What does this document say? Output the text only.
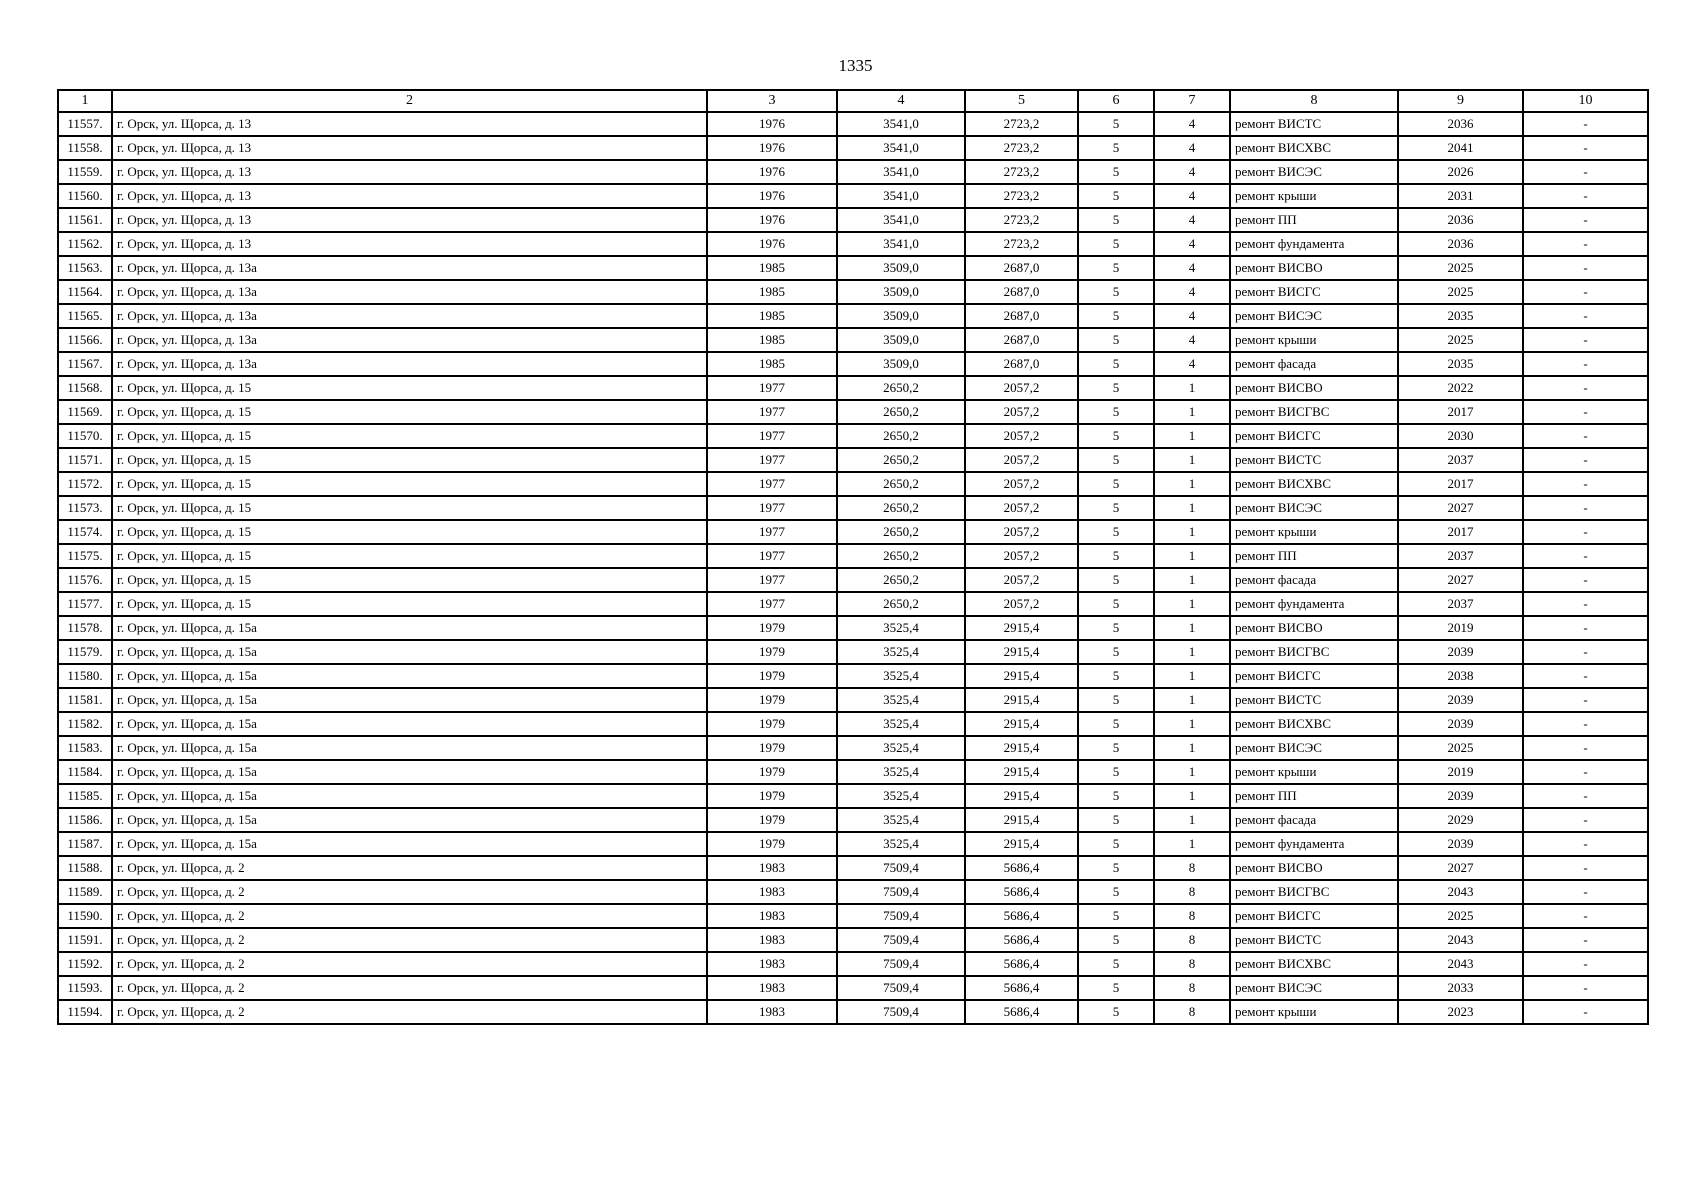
1335
1	2	3	4	5	6	7	8	9	10
11557.	г. Орск, ул. Щорса, д. 13	1976	3541,0	2723,2	5	4	ремонт ВИСТС	2036	-
11558.	г. Орск, ул. Щорса, д. 13	1976	3541,0	2723,2	5	4	ремонт ВИСХВС	2041	-
11559.	г. Орск, ул. Щорса, д. 13	1976	3541,0	2723,2	5	4	ремонт ВИСЭС	2026	-
11560.	г. Орск, ул. Щорса, д. 13	1976	3541,0	2723,2	5	4	ремонт крыши	2031	-
11561.	г. Орск, ул. Щорса, д. 13	1976	3541,0	2723,2	5	4	ремонт ПП	2036	-
11562.	г. Орск, ул. Щорса, д. 13	1976	3541,0	2723,2	5	4	ремонт фундамента	2036	-
11563.	г. Орск, ул. Щорса, д. 13а	1985	3509,0	2687,0	5	4	ремонт ВИСВО	2025	-
11564.	г. Орск, ул. Щорса, д. 13а	1985	3509,0	2687,0	5	4	ремонт ВИСГС	2025	-
11565.	г. Орск, ул. Щорса, д. 13а	1985	3509,0	2687,0	5	4	ремонт ВИСЭС	2035	-
11566.	г. Орск, ул. Щорса, д. 13а	1985	3509,0	2687,0	5	4	ремонт крыши	2025	-
11567.	г. Орск, ул. Щорса, д. 13а	1985	3509,0	2687,0	5	4	ремонт фасада	2035	-
11568.	г. Орск, ул. Щорса, д. 15	1977	2650,2	2057,2	5	1	ремонт ВИСВО	2022	-
11569.	г. Орск, ул. Щорса, д. 15	1977	2650,2	2057,2	5	1	ремонт ВИСГВС	2017	-
11570.	г. Орск, ул. Щорса, д. 15	1977	2650,2	2057,2	5	1	ремонт ВИСГС	2030	-
11571.	г. Орск, ул. Щорса, д. 15	1977	2650,2	2057,2	5	1	ремонт ВИСТС	2037	-
11572.	г. Орск, ул. Щорса, д. 15	1977	2650,2	2057,2	5	1	ремонт ВИСХВС	2017	-
11573.	г. Орск, ул. Щорса, д. 15	1977	2650,2	2057,2	5	1	ремонт ВИСЭС	2027	-
11574.	г. Орск, ул. Щорса, д. 15	1977	2650,2	2057,2	5	1	ремонт крыши	2017	-
11575.	г. Орск, ул. Щорса, д. 15	1977	2650,2	2057,2	5	1	ремонт ПП	2037	-
11576.	г. Орск, ул. Щорса, д. 15	1977	2650,2	2057,2	5	1	ремонт фасада	2027	-
11577.	г. Орск, ул. Щорса, д. 15	1977	2650,2	2057,2	5	1	ремонт фундамента	2037	-
11578.	г. Орск, ул. Щорса, д. 15а	1979	3525,4	2915,4	5	1	ремонт ВИСВО	2019	-
11579.	г. Орск, ул. Щорса, д. 15а	1979	3525,4	2915,4	5	1	ремонт ВИСГВС	2039	-
11580.	г. Орск, ул. Щорса, д. 15а	1979	3525,4	2915,4	5	1	ремонт ВИСГС	2038	-
11581.	г. Орск, ул. Щорса, д. 15а	1979	3525,4	2915,4	5	1	ремонт ВИСТС	2039	-
11582.	г. Орск, ул. Щорса, д. 15а	1979	3525,4	2915,4	5	1	ремонт ВИСХВС	2039	-
11583.	г. Орск, ул. Щорса, д. 15а	1979	3525,4	2915,4	5	1	ремонт ВИСЭС	2025	-
11584.	г. Орск, ул. Щорса, д. 15а	1979	3525,4	2915,4	5	1	ремонт крыши	2019	-
11585.	г. Орск, ул. Щорса, д. 15а	1979	3525,4	2915,4	5	1	ремонт ПП	2039	-
11586.	г. Орск, ул. Щорса, д. 15а	1979	3525,4	2915,4	5	1	ремонт фасада	2029	-
11587.	г. Орск, ул. Щорса, д. 15а	1979	3525,4	2915,4	5	1	ремонт фундамента	2039	-
11588.	г. Орск, ул. Щорса, д. 2	1983	7509,4	5686,4	5	8	ремонт ВИСВО	2027	-
11589.	г. Орск, ул. Щорса, д. 2	1983	7509,4	5686,4	5	8	ремонт ВИСГВС	2043	-
11590.	г. Орск, ул. Щорса, д. 2	1983	7509,4	5686,4	5	8	ремонт ВИСГС	2025	-
11591.	г. Орск, ул. Щорса, д. 2	1983	7509,4	5686,4	5	8	ремонт ВИСТС	2043	-
11592.	г. Орск, ул. Щорса, д. 2	1983	7509,4	5686,4	5	8	ремонт ВИСХВС	2043	-
11593.	г. Орск, ул. Щорса, д. 2	1983	7509,4	5686,4	5	8	ремонт ВИСЭС	2033	-
11594.	г. Орск, ул. Щорса, д. 2	1983	7509,4	5686,4	5	8	ремонт крыши	2023	-
